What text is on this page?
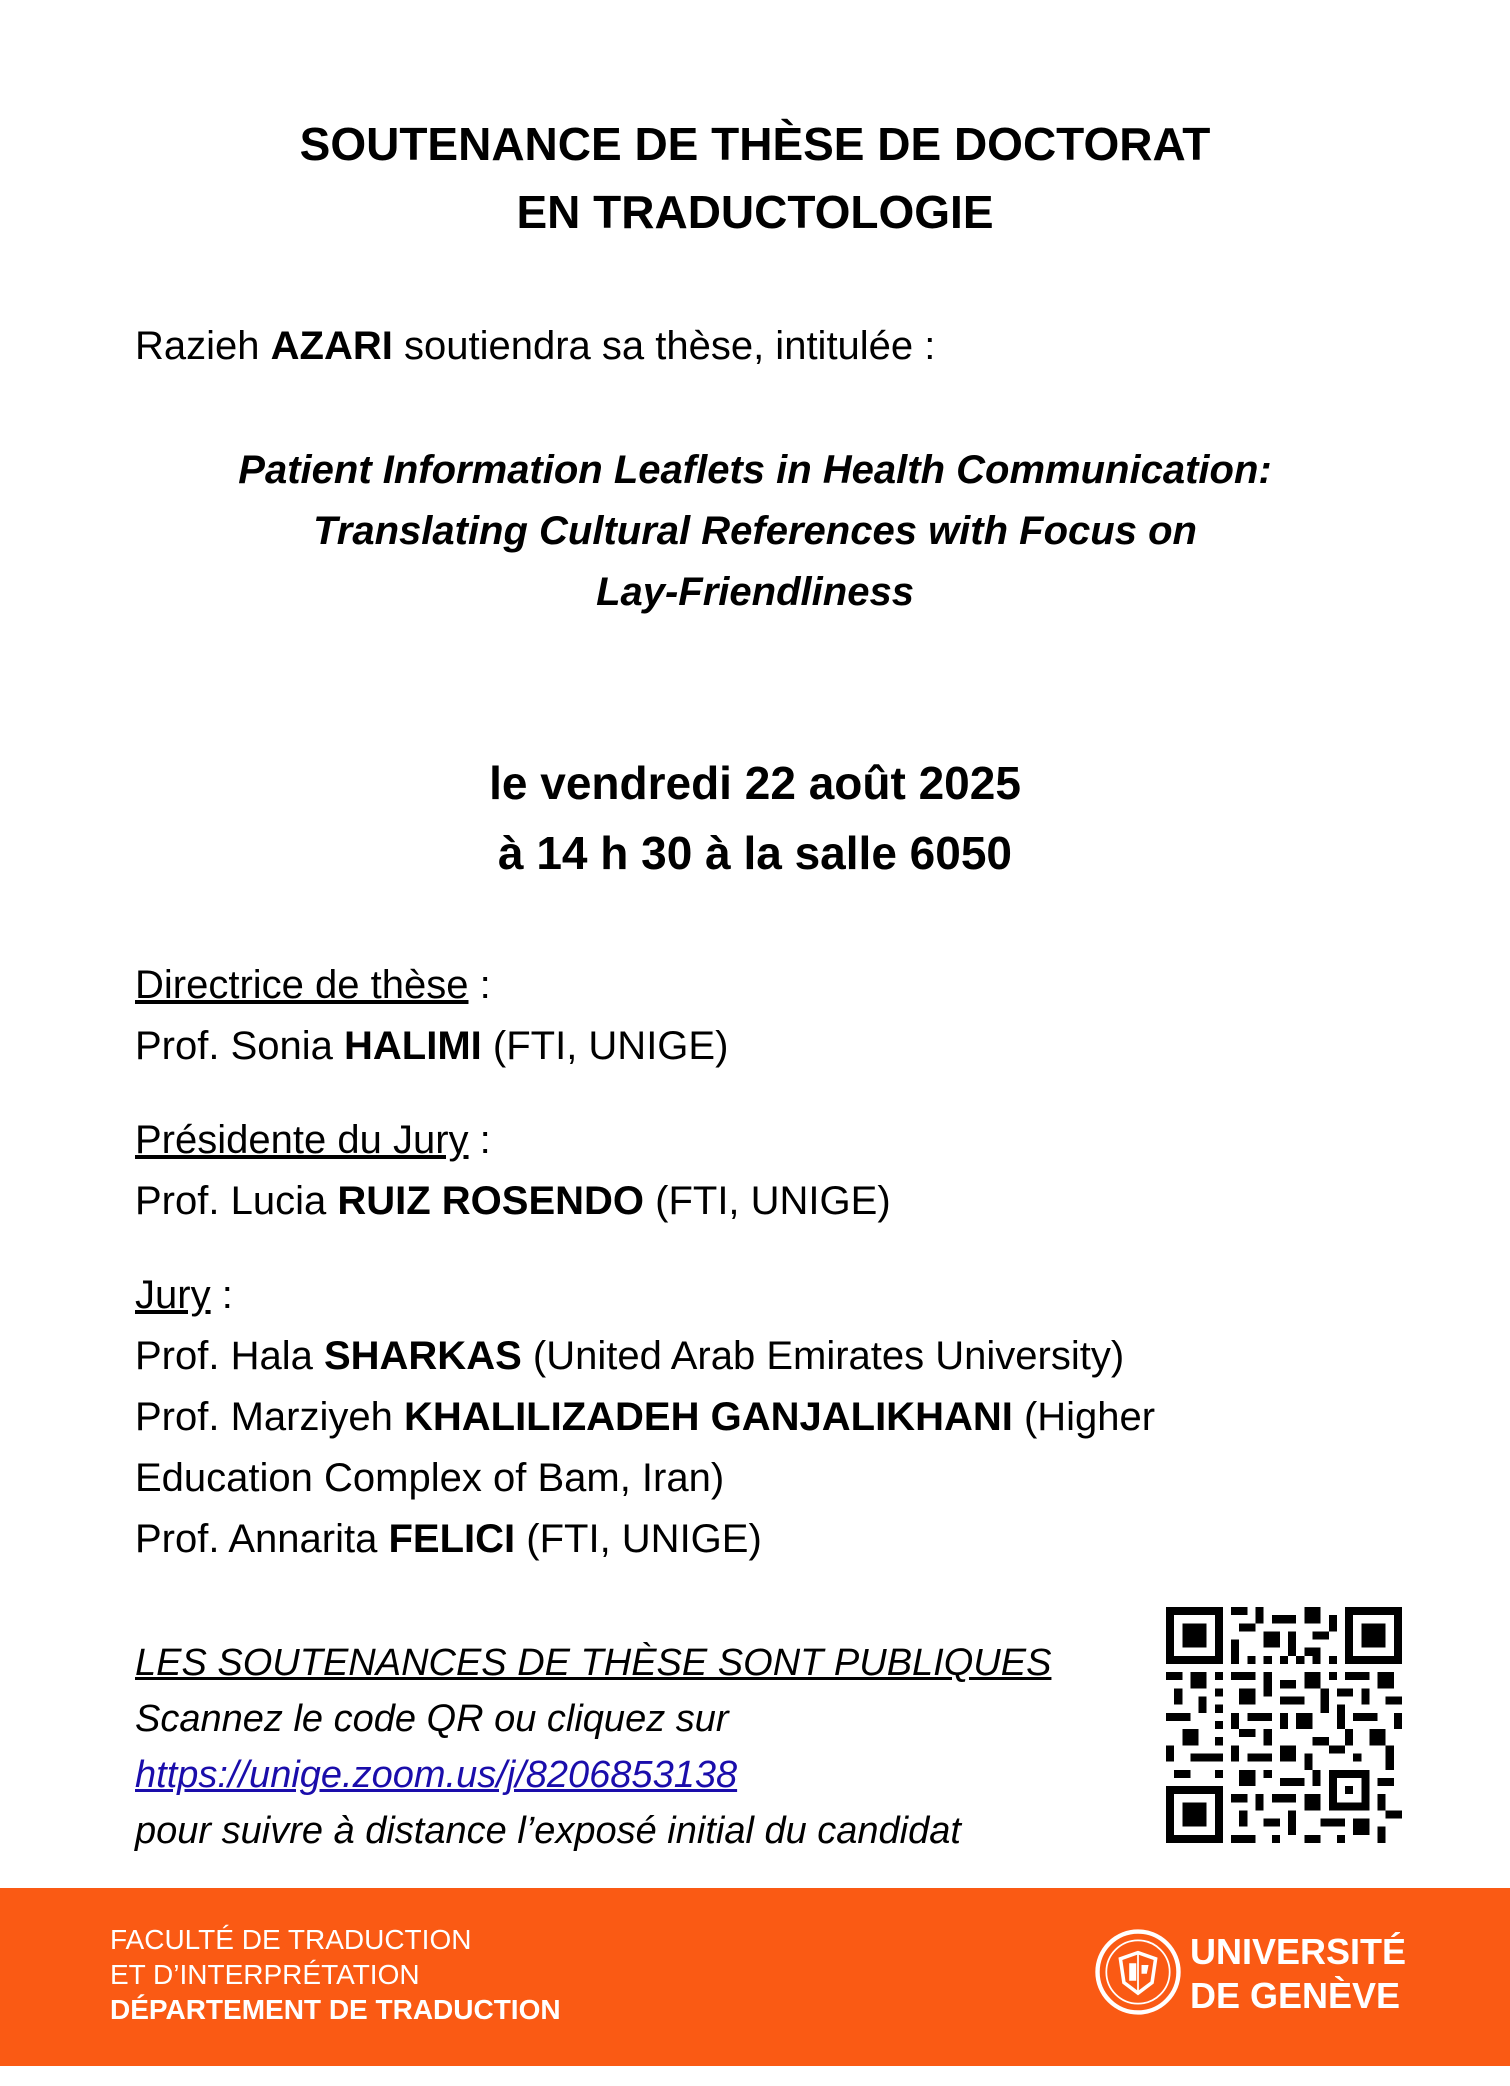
SOUTENANCE DE THÈSE DE DOCTORAT
EN TRADUCTOLOGIE
Razieh AZARI soutiendra sa thèse, intitulée :
Patient Information Leaflets in Health Communication:
Translating Cultural References with Focus on
Lay-Friendliness
le vendredi 22 août 2025
à 14 h 30 à la salle 6050
Directrice de thèse :
Prof. Sonia HALIMI (FTI, UNIGE)
Présidente du Jury :
Prof. Lucia RUIZ ROSENDO (FTI, UNIGE)
Jury :
Prof. Hala SHARKAS (United Arab Emirates University)
Prof. Marziyeh KHALILIZADEH GANJALIKHANI (Higher
Education Complex of Bam, Iran)
Prof. Annarita FELICI (FTI, UNIGE)
LES SOUTENANCES DE THÈSE SONT PUBLIQUES
Scannez le code QR ou cliquez sur
https://unige.zoom.us/j/8206853138
pour suivre à distance l’exposé initial du candidat
FACULTÉ DE TRADUCTION
ET D’INTERPRÉTATION
DÉPARTEMENT DE TRADUCTION
UNIVERSITÉ
DE GENÈVE
